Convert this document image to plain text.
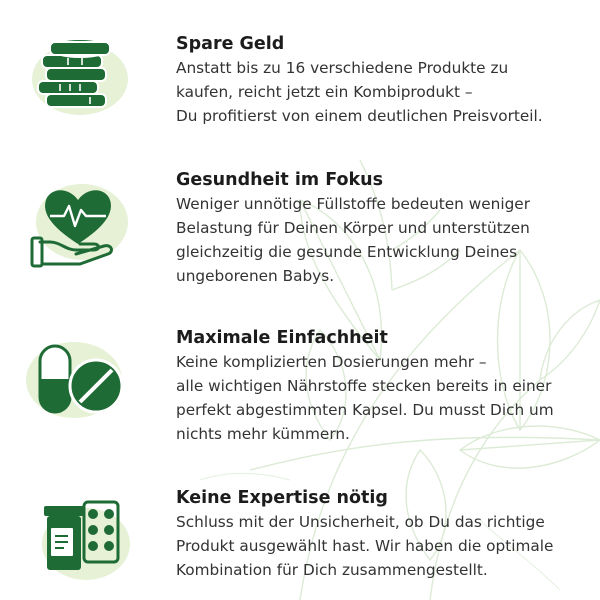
Spare Geld

Anstatt bis zu 16 verschiedene Produkte zu

kaufen, reicht jetzt ein Kombiprodukt –

Du profitierst von einem deutlichen Preisvorteil.

Gesundheit im Fokus

Weniger unnötige Füllstoffe bedeuten weniger

Belastung für Deinen Körper und unterstützen

gleichzeitig die gesunde Entwicklung Deines

ungeborenen Babys.

Maximale Einfachheit

Keine komplizierten Dosierungen mehr –

alle wichtigen Nährstoffe stecken bereits in einer

perfekt abgestimmten Kapsel. Du musst Dich um

nichts mehr kümmern.

Keine Expertise nötig

Schluss mit der Unsicherheit, ob Du das richtige

Produkt ausgewählt hast. Wir haben die optimale

Kombination für Dich zusammengestellt.
